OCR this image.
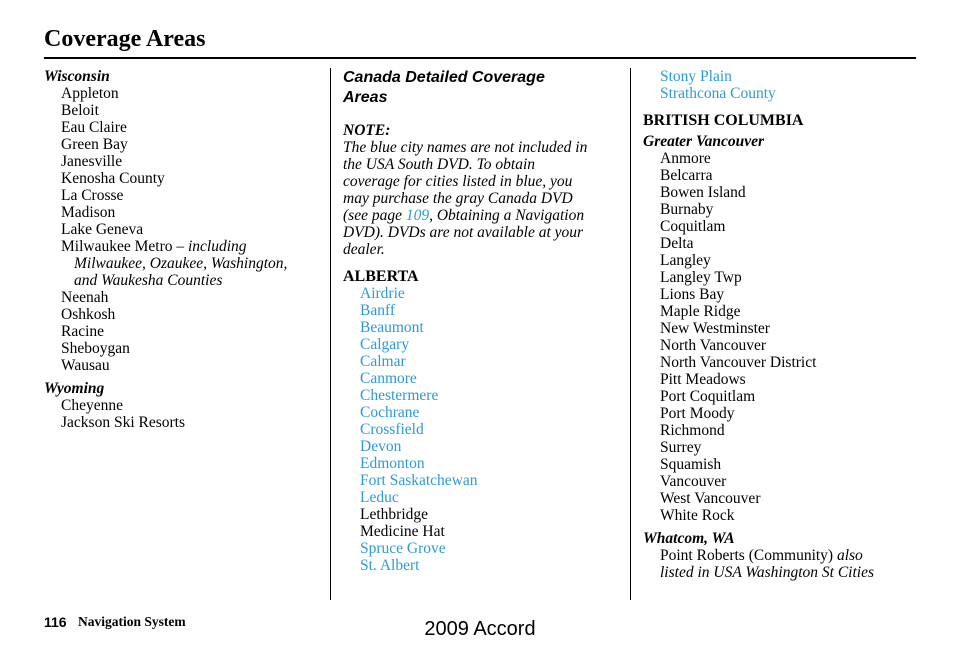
Coverage Areas
Wisconsin
Appleton
Beloit
Eau Claire
Green Bay
Janesville
Kenosha County
La Crosse
Madison
Lake Geneva
Milwaukee Metro – including
Milwaukee, Ozaukee, Washington,
and Waukesha Counties
Neenah
Oshkosh
Racine
Sheboygan
Wausau
Wyoming
Cheyenne
Jackson Ski Resorts
Canada Detailed Coverage
Areas
NOTE:
The blue city names are not included in
the USA South DVD. To obtain
coverage for cities listed in blue, you
may purchase the gray Canada DVD
(see page 109, Obtaining a Navigation
DVD). DVDs are not available at your
dealer.
ALBERTA
Airdrie
Banff
Beaumont
Calgary
Calmar
Canmore
Chestermere
Cochrane
Crossfield
Devon
Edmonton
Fort Saskatchewan
Leduc
Lethbridge
Medicine Hat
Spruce Grove
St. Albert
Stony Plain
Strathcona County
BRITISH COLUMBIA
Greater Vancouver
Anmore
Belcarra
Bowen Island
Burnaby
Coquitlam
Delta
Langley
Langley Twp
Lions Bay
Maple Ridge
New Westminster
North Vancouver
North Vancouver District
Pitt Meadows
Port Coquitlam
Port Moody
Richmond
Surrey
Squamish
Vancouver
West Vancouver
White Rock
Whatcom, WA
Point Roberts (Community) also
listed in USA Washington St Cities
116 Navigation System	2009 Accord
